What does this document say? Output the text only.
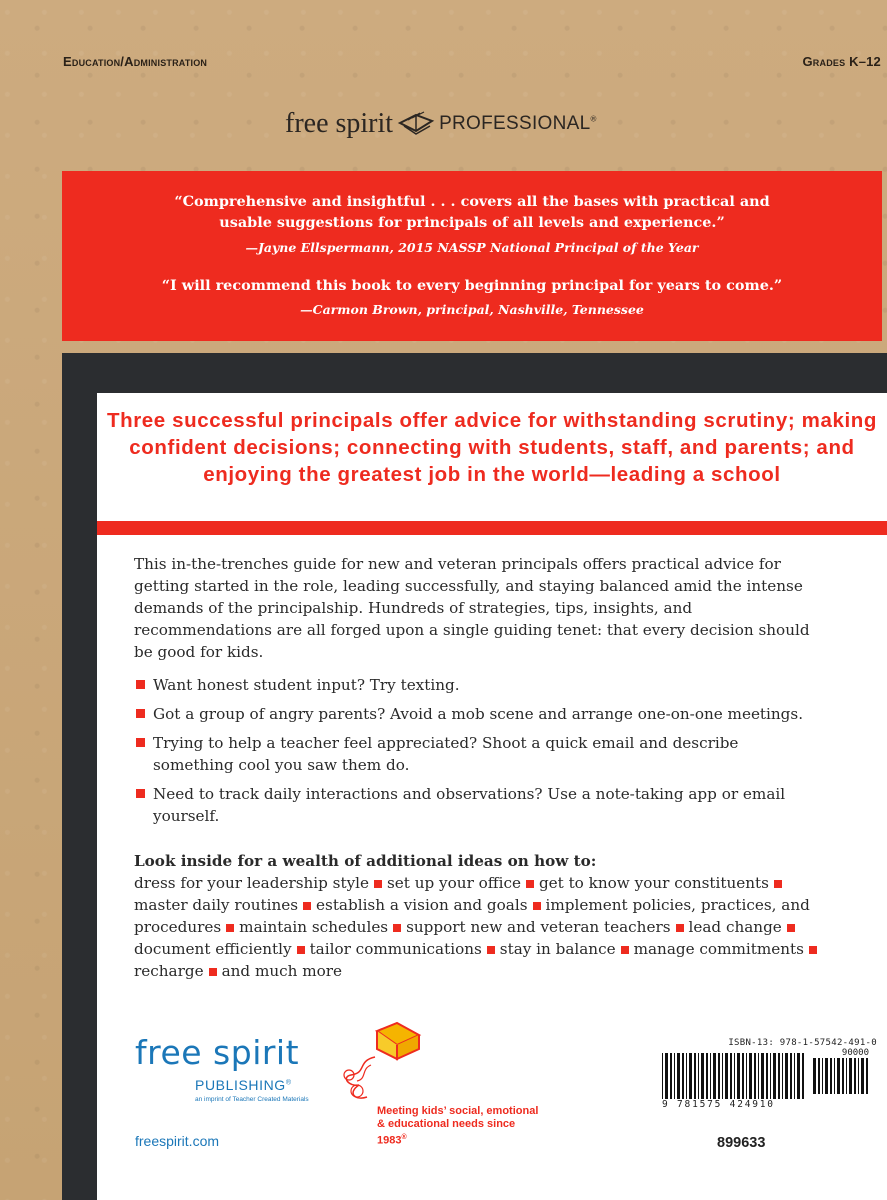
Education/Administration	Grades K–12
free spirit PROFESSIONAL®

“Comprehensive and insightful . . . covers all the bases with practical and usable suggestions for principals of all levels and experience.”

—Jayne Ellspermann, 2015 NASSP National Principal of the Year

“I will recommend this book to every beginning principal for years to come.”

—Carmon Brown, principal, Nashville, Tennessee

Three successful principals offer advice for withstanding scrutiny; making confident decisions; connecting with students, staff, and parents; and enjoying the greatest job in the world—leading a school

This in-the-trenches guide for new and veteran principals offers practical advice for getting started in the role, leading successfully, and staying balanced amid the intense demands of the principalship. Hundreds of strategies, tips, insights, and recommendations are all forged upon a single guiding tenet: that every decision should be good for kids.

Want honest student input? Try texting.

Got a group of angry parents? Avoid a mob scene and arrange one-on-one meetings.

Trying to help a teacher feel appreciated? Shoot a quick email and describe something cool you saw them do.

Need to track daily interactions and observations? Use a note-taking app or email yourself.

Look inside for a wealth of additional ideas on how to:

dress for your leadership style set up your office get to know your constituents master daily routines establish a vision and goals implement policies, practices, and procedures maintain schedules support new and veteran teachers lead changedocument efficiently tailor communications stay in balance manage commitmentsrecharge and much more

free spirit
PUBLISHING®
an imprint of Teacher Created Materials
freespirit.com
Meeting kids’ social, emotional & educational needs since 1983®
ISBN-13: 978-1-57542-491-0
90000
9 781575 424910
899633
